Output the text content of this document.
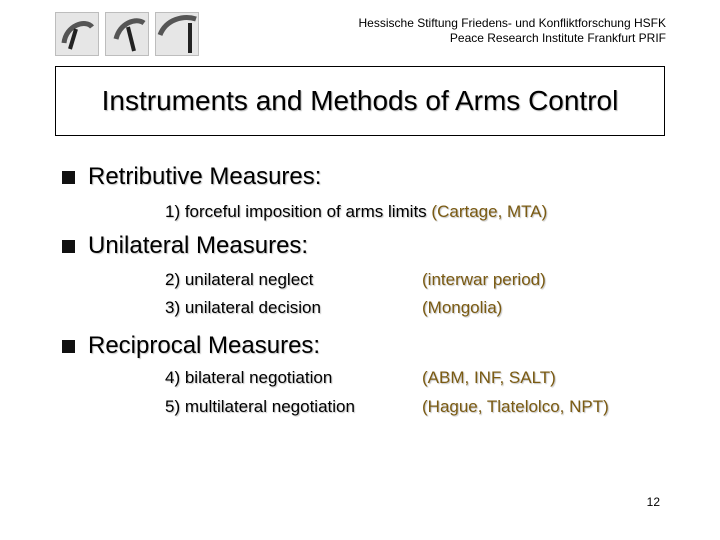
Hessische Stiftung Friedens- und Konfliktforschung HSFK
Peace Research Institute Frankfurt PRIF
Instruments and Methods of Arms Control
Retributive Measures:
1) forceful imposition of arms limits (Cartage, MTA)
Unilateral Measures:
2) unilateral neglect	(interwar period)
3) unilateral decision	(Mongolia)
Reciprocal Measures:
4) bilateral negotiation	(ABM, INF, SALT)
5) multilateral negotiation	(Hague, Tlatelolco, NPT)
12
